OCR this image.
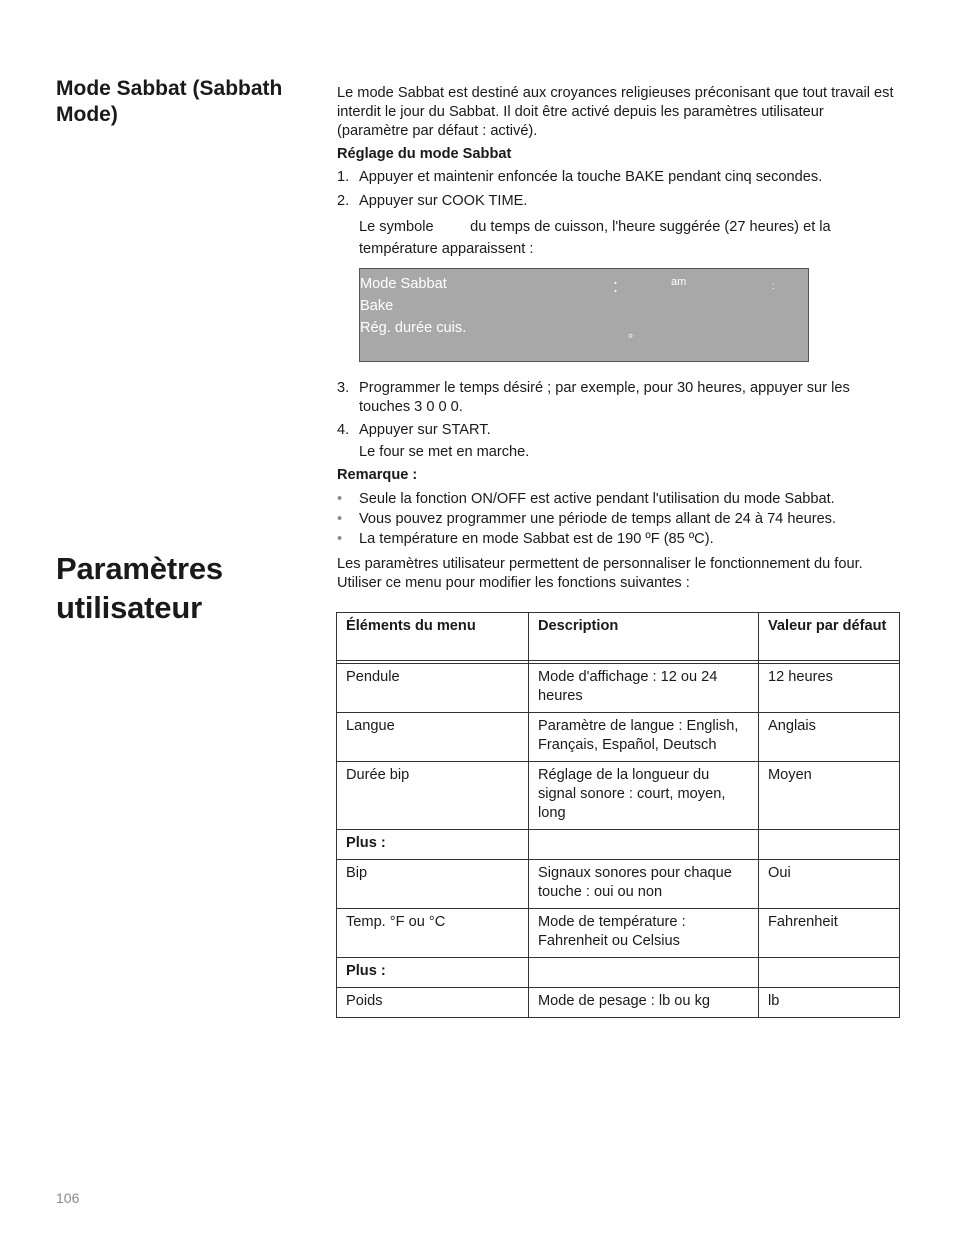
Mode Sabbat (Sabbath Mode)
Paramètres utilisateur

Le mode Sabbat est destiné aux croyances religieuses préconisant que tout travail est interdit le jour du Sabbat. Il doit être activé depuis les paramètres utilisateur (paramètre par défaut : activé).

Réglage du mode Sabbat

1. Appuyer et maintenir enfoncée la touche BAKE pendant cinq secondes.
2. Appuyer sur COOK TIME.

Le symbole         du temps de cuisson, l'heure suggérée (27 heures) et la température apparaissent :

Mode Sabbat
Bake
Rég. durée cuis.
:	am	:
°
3. Programmer le temps désiré ; par exemple, pour 30 heures, appuyer sur les touches 3 0 0 0.
4. Appuyer sur START.

Le four se met en marche.

Remarque :

• Seule la fonction ON/OFF est active pendant l'utilisation du mode Sabbat.
• Vous pouvez programmer une période de temps allant de 24 à 74 heures.
• La température en mode Sabbat est de 190 ºF (85 ºC).

Les paramètres utilisateur permettent de personnaliser le fonctionnement du four. Utiliser ce menu pour modifier les fonctions suivantes :

Éléments du menu	Description	Valeur par défaut

Pendule	Mode d'affichage : 12 ou 24 heures	12 heures
Langue	Paramètre de langue : English, Français, Español, Deutsch	Anglais
Durée bip	Réglage de la longueur du signal sonore : court, moyen, long	Moyen
Plus :		
Bip	Signaux sonores pour chaque touche : oui ou non	Oui
Temp. °F ou °C	Mode de température : Fahrenheit ou Celsius	Fahrenheit
Plus :		
Poids	Mode de pesage : lb ou kg	lb
106
